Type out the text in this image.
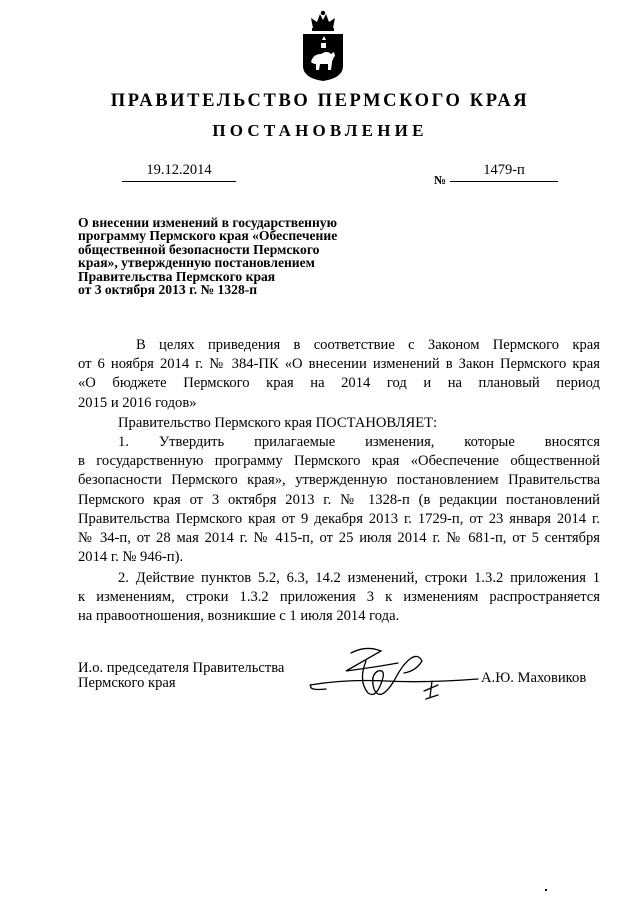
ПРАВИТЕЛЬСТВО ПЕРМСКОГО КРАЯ
ПОСТАНОВЛЕНИЕ
19.12.2014
№
1479-п
О внесении изменений в государственную
программу Пермского края «Обеспечение
общественной безопасности Пермского
края», утвержденную постановлением
Правительства Пермского края
от 3 октября 2013 г. № 1328-п
В целях приведения в соответствие с Законом Пермского края
от 6 ноября 2014 г. № 384-ПК «О внесении изменений в Закон Пермского края
«О бюджете Пермского края на 2014 год и на плановый период
2015 и 2016 годов»
Правительство Пермского края ПОСТАНОВЛЯЕТ:
1. Утвердить прилагаемые изменения, которые вносятся
в государственную программу Пермского края «Обеспечение общественной
безопасности Пермского края», утвержденную постановлением Правительства
Пермского края от 3 октября 2013 г. № 1328-п (в редакции постановлений
Правительства Пермского края от 9 декабря 2013 г. 1729-п, от 23 января 2014 г.
№ 34-п, от 28 мая 2014 г. № 415-п, от 25 июля 2014 г. № 681-п, от 5 сентября
2014 г. № 946-п).
2. Действие пунктов 5.2, 6.3, 14.2 изменений, строки 1.3.2 приложения 1
к изменениям, строки 1.3.2 приложения 3 к изменениям распространяется
на правоотношения, возникшие с 1 июля 2014 года.
И.о. председателя Правительства
Пермского края	А.Ю. Маховиков
